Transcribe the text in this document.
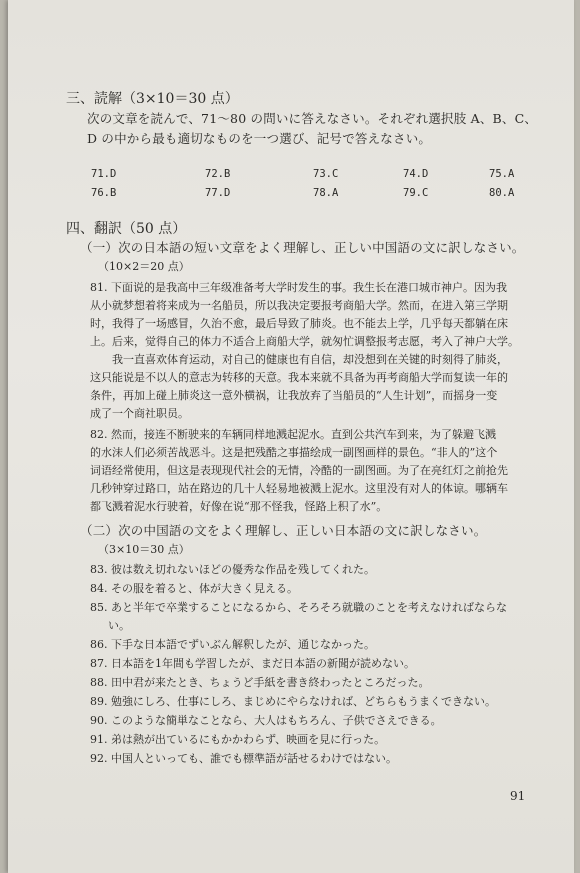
三、読解（3×10＝30 点）
次の文章を読んで、71〜80 の問いに答えなさい。それぞれ選択肢 A、B、C、
D の中から最も適切なものを一つ選び、記号で答えなさい。
71.D	72.B	73.C	74.D	75.A
76.B	77.D	78.A	79.C	80.A
四、翻訳（50 点）
（一）次の日本語の短い文章をよく理解し、正しい中国語の文に訳しなさい。
（10×2＝20 点）
81. 下面说的是我高中三年级准备考大学时发生的事。我生长在港口城市神户。因为我
从小就梦想着将来成为一名船员，所以我决定要报考商船大学。然而，在进入第三学期
时，我得了一场感冒，久治不愈，最后导致了肺炎。也不能去上学，几乎每天都躺在床
上。后来，觉得自己的体力不适合上商船大学，就匆忙调整报考志愿，考入了神户大学。
我一直喜欢体育运动，对自己的健康也有自信，却没想到在关键的时刻得了肺炎，
这只能说是不以人的意志为转移的天意。我本来就不具备为再考商船大学而复读一年的
条件，再加上碰上肺炎这一意外横祸，让我放弃了当船员的“人生计划”，而摇身一变
成了一个商社职员。
82. 然而，接连不断驶来的车辆同样地溅起泥水。直到公共汽车到来，为了躲避飞溅
的水沫人们必须苦战恶斗。这是把残酷之事描绘成一副图画样的景色。“非人的”这个
词语经常使用，但这是表现现代社会的无情，冷酷的一副图画。为了在亮红灯之前抢先
几秒钟穿过路口，站在路边的几十人轻易地被溅上泥水。这里没有对人的体谅。哪辆车
都飞溅着泥水行驶着，好像在说“那不怪我，怪路上积了水”。
（二）次の中国語の文をよく理解し、正しい日本語の文に訳しなさい。
（3×10＝30 点）
83. 彼は数え切れないほどの優秀な作品を残してくれた。
84. その服を着ると、体が大きく見える。
85. あと半年で卒業することになるから、そろそろ就職のことを考えなければならな
い。
86. 下手な日本語でずいぶん解釈したが、通じなかった。
87. 日本語を1年間も学習したが、まだ日本語の新聞が読めない。
88. 田中君が来たとき、ちょうど手紙を書き終わったところだった。
89. 勉強にしろ、仕事にしろ、まじめにやらなければ、どちらもうまくできない。
90. このような簡単なことなら、大人はもちろん、子供でさえできる。
91. 弟は熱が出ているにもかかわらず、映画を見に行った。
92. 中国人といっても、誰でも標準語が話せるわけではない。
91
